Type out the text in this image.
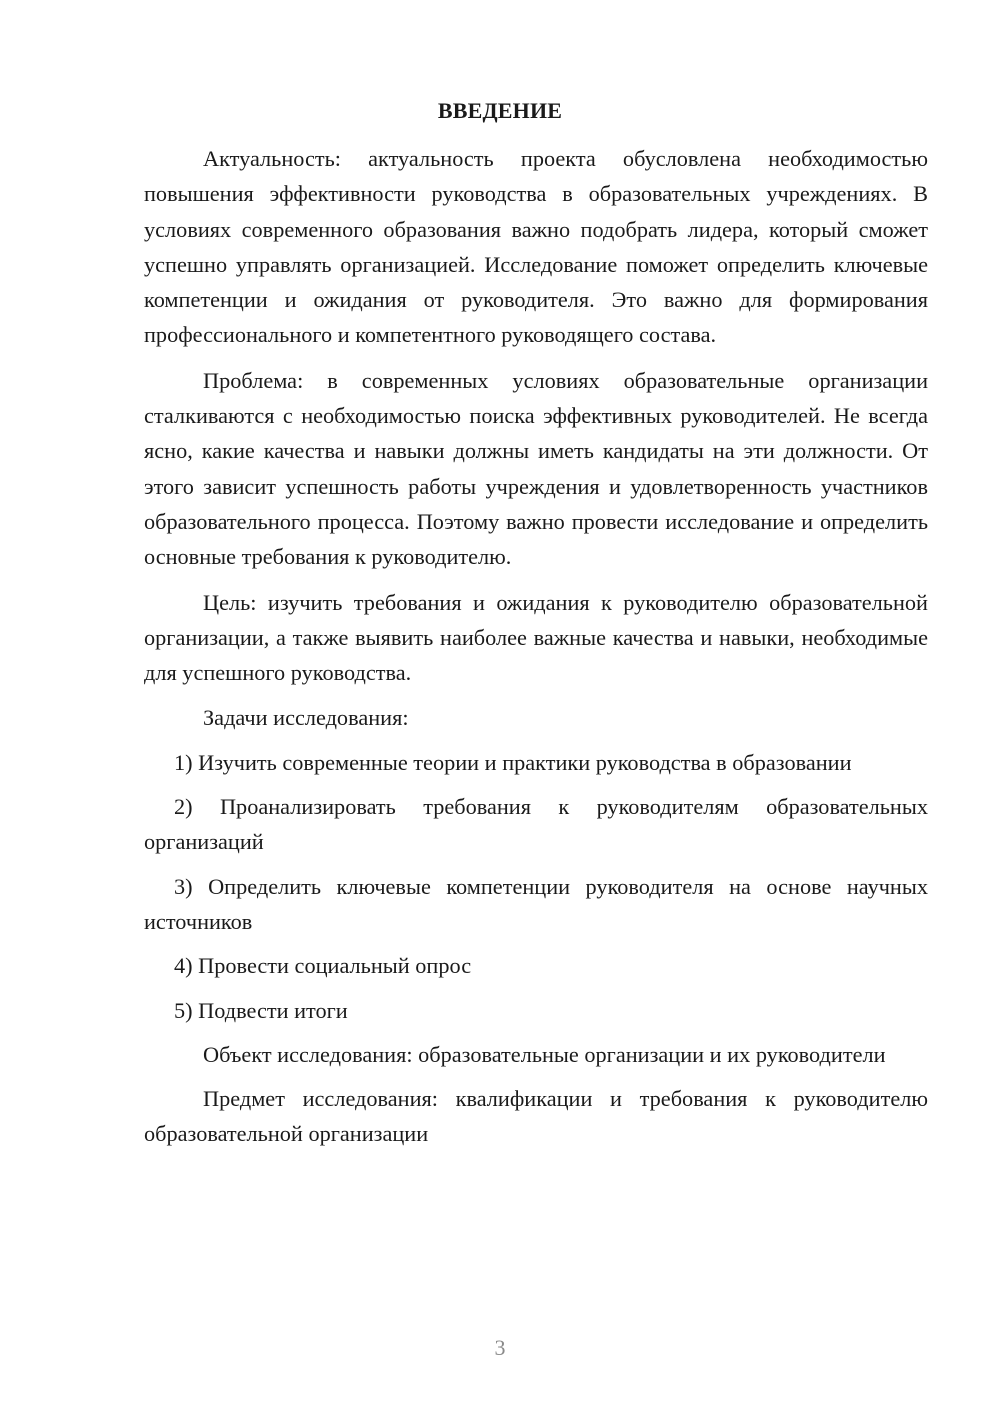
ВВЕДЕНИЕ

Актуальность: актуальность проекта обусловлена необходимостью повышения эффективности руководства в образовательных учреждениях. В условиях современного образования важно подобрать лидера, который сможет успешно управлять организацией. Исследование поможет определить ключевые компетенции и ожидания от руководителя. Это важно для формирования профессионального и компетентного руководящего состава.

Проблема: в современных условиях образовательные организации сталкиваются с необходимостью поиска эффективных руководителей. Не всегда ясно, какие качества и навыки должны иметь кандидаты на эти должности. От этого зависит успешность работы учреждения и удовлетворенность участников образовательного процесса. Поэтому важно провести исследование и определить основные требования к руководителю.

Цель: изучить требования и ожидания к руководителю образовательной организации, а также выявить наиболее важные качества и навыки, необходимые для успешного руководства.

Задачи исследования:

1) Изучить современные теории и практики руководства в образовании

2) Проанализировать требования к руководителям образовательных организаций

3) Определить ключевые компетенции руководителя на основе научных источников

4) Провести социальный опрос

5) Подвести итоги

Объект исследования: образовательные организации и их руководители

Предмет исследования: квалификации и требования к руководителю образовательной организации

3
